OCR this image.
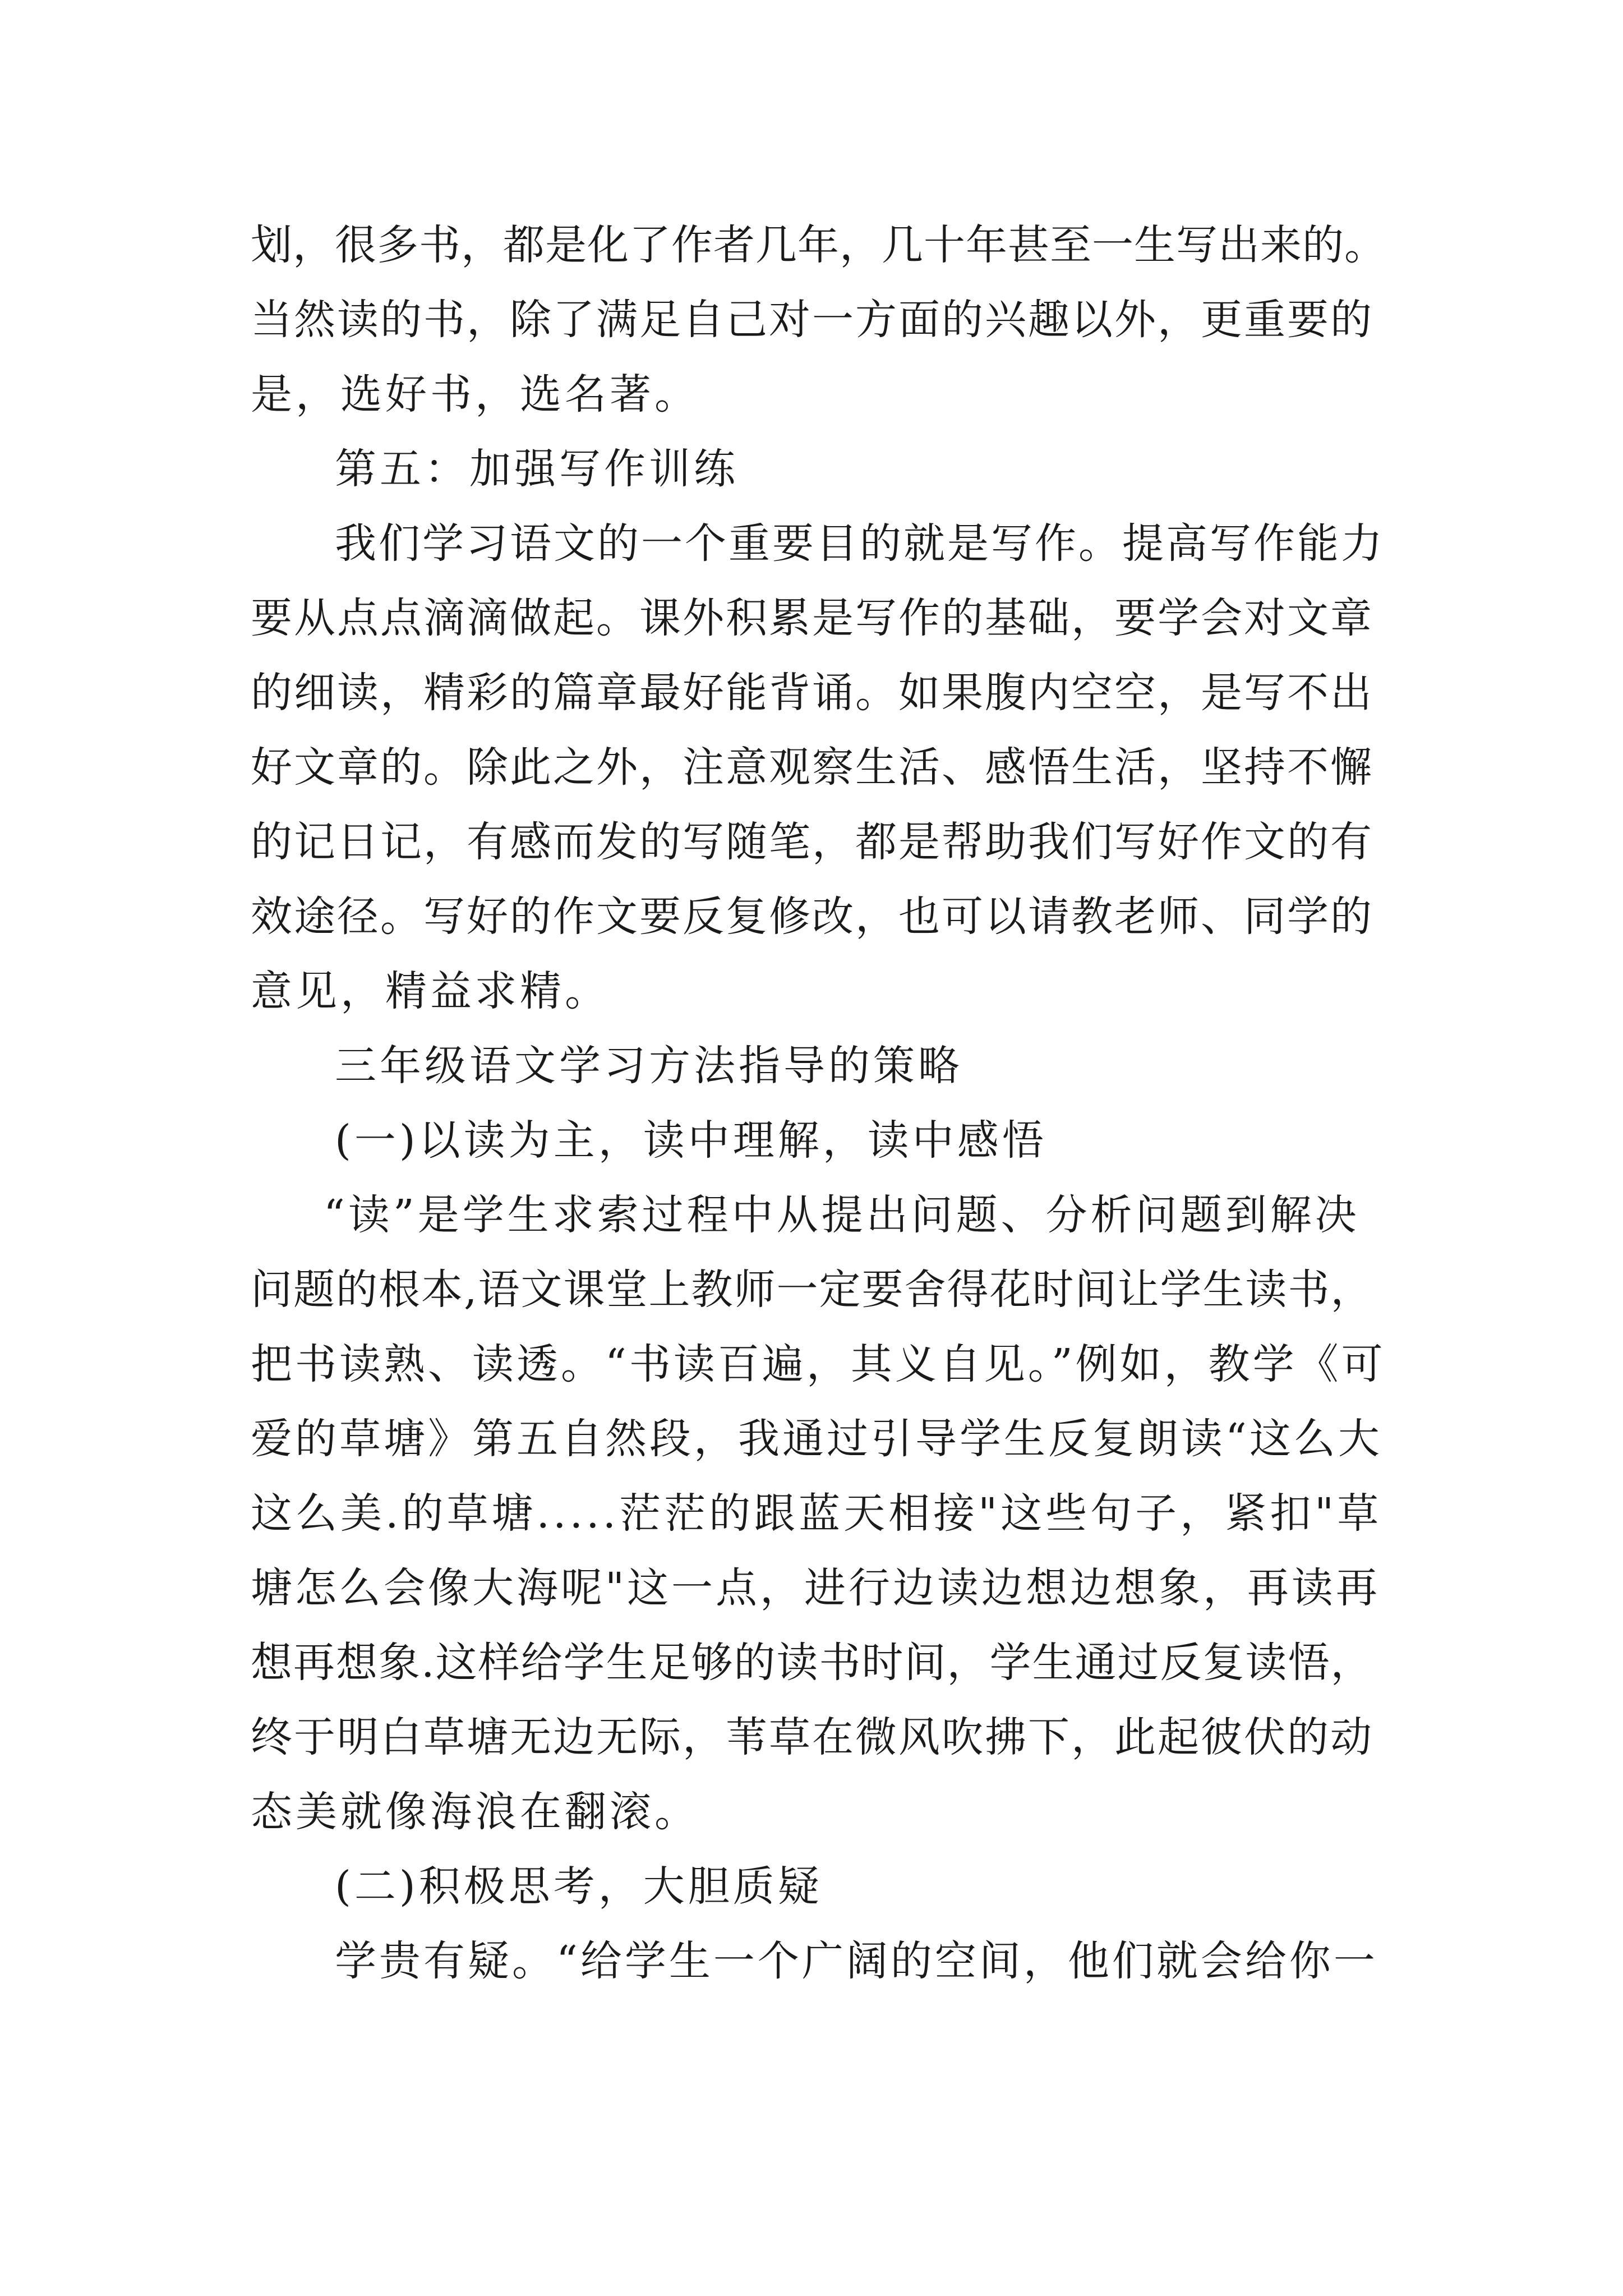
划，很多书，都是化了作者几年，几十年甚至一生写出来的。
当然读的书，除了满足自己对一方面的兴趣以外，更重要的
是，选好书，选名著。
第五：加强写作训练
我们学习语文的一个重要目的就是写作。提高写作能力
要从点点滴滴做起。课外积累是写作的基础，要学会对文章
的细读，精彩的篇章最好能背诵。如果腹内空空，是写不出
好文章的。除此之外，注意观察生活、感悟生活，坚持不懈
的记日记，有感而发的写随笔，都是帮助我们写好作文的有
效途径。写好的作文要反复修改，也可以请教老师、同学的
意见，精益求精。
三年级语文学习方法指导的策略
(一)以读为主，读中理解，读中感悟
“读”是学生求索过程中从提出问题、分析问题到解决
问题的根本,语文课堂上教师一定要舍得花时间让学生读书，
把书读熟、读透。“书读百遍，其义自见。”例如，教学《可
爱的草塘》第五自然段，我通过引导学生反复朗读“这么大
这么美.的草塘.....茫茫的跟蓝天相接"这些句子，紧扣"草
塘怎么会像大海呢"这一点，进行边读边想边想象，再读再
想再想象.这样给学生足够的读书时间，学生通过反复读悟，
终于明白草塘无边无际，苇草在微风吹拂下，此起彼伏的动
态美就像海浪在翻滚。
(二)积极思考，大胆质疑
学贵有疑。“给学生一个广阔的空间，他们就会给你一
